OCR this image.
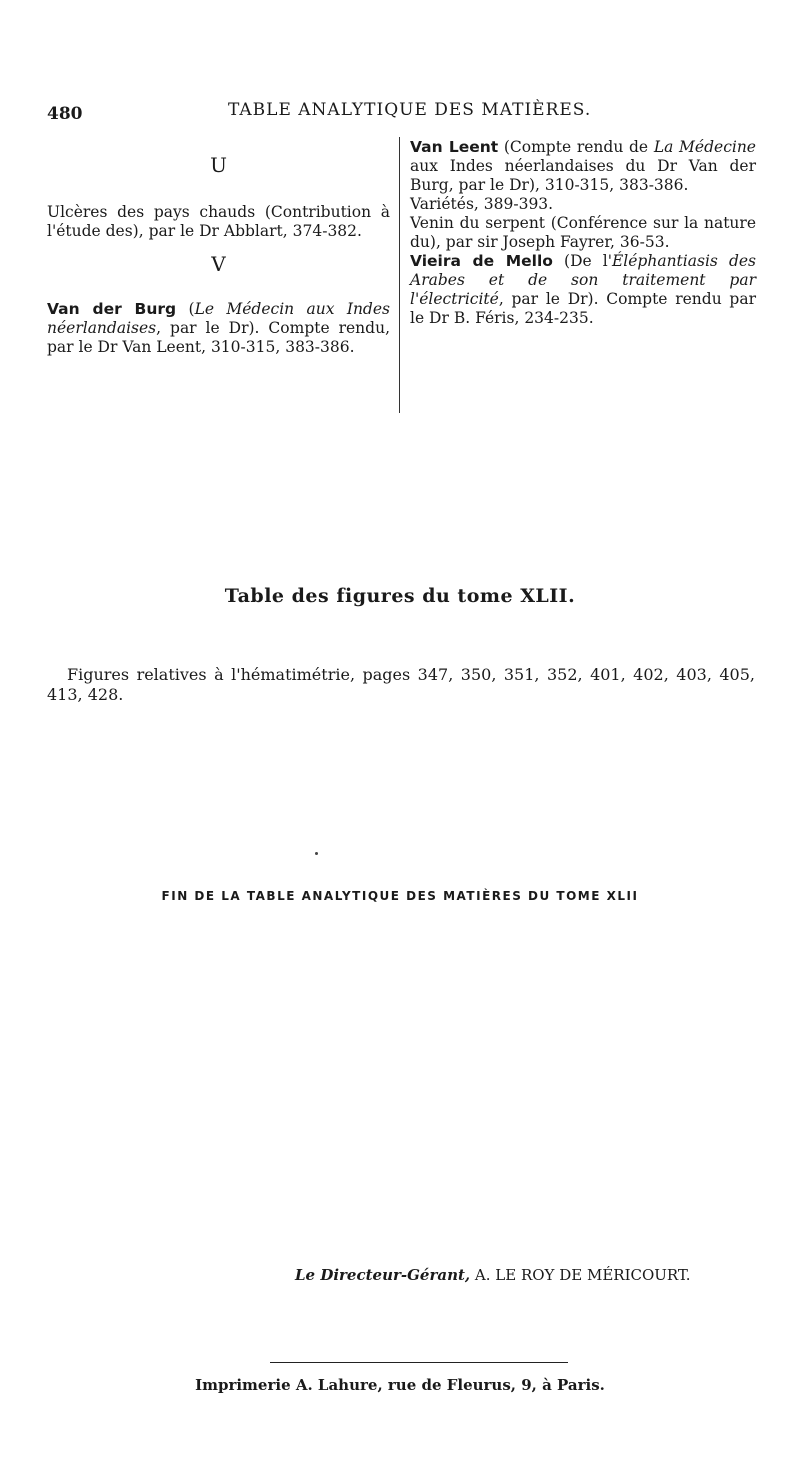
480	TABLE ANALYTIQUE DES MATIÈRES.

U

Ulcères des pays chauds (Contribution à l'étude des), par le Dr Abblart, 374-382.

V

Van der Burg (Le Médecin aux Indes néerlandaises, par le Dr). Compte rendu, par le Dr Van Leent, 310-315, 383-386.

Van Leent (Compte rendu de La Médecine aux Indes néerlandaises du Dr Van der Burg, par le Dr), 310-315, 383-386.

Variétés, 389-393.

Venin du serpent (Conférence sur la nature du), par sir Joseph Fayrer, 36-53.

Vieira de Mello (De l'Éléphantiasis des Arabes et de son traitement par l'électricité, par le Dr). Compte rendu par le Dr B. Féris, 234-235.

Table des figures du tome XLII.
Figures relatives à l'hématimétrie, pages 347, 350, 351, 352, 401, 402, 403, 405, 413, 428.
FIN DE LA TABLE ANALYTIQUE DES MATIÈRES DU TOME XLII
Le Directeur-Gérant, A. LE ROY DE MÉRICOURT.
Imprimerie A. Lahure, rue de Fleurus, 9, à Paris.
